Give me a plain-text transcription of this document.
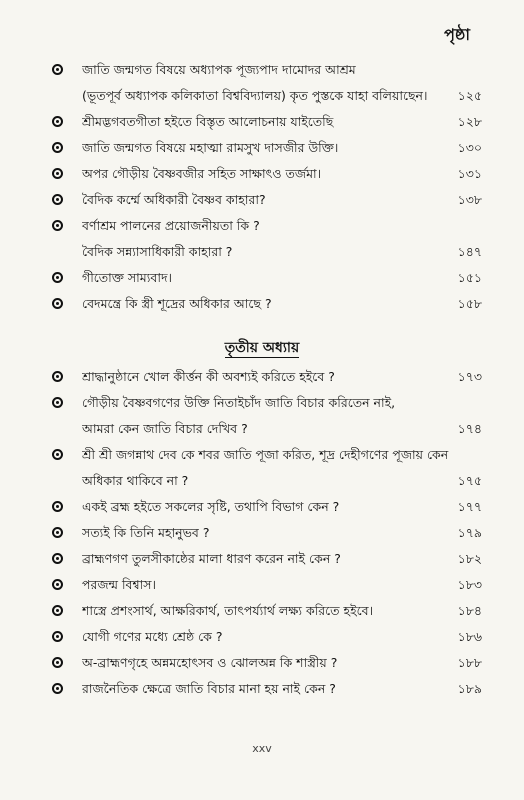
পৃষ্ঠা
জাতি জন্মগত বিষয়ে অধ্যাপক পূজ্যপাদ দামোদর আশ্রম
(ভূতপূর্ব অধ্যাপক কলিকাতা বিশ্ববিদ্যালয়) কৃত পুস্তকে যাহা বলিয়াছেন।	১২৫
শ্রীমদ্ভগবতগীতা হইতে বিস্তৃত আলোচনায় যাইতেছি	১২৮
জাতি জন্মগত বিষয়ে মহাত্মা রামসুখ দাসজীর উক্তি।	১৩০
অপর গৌড়ীয় বৈষ্ণবজীর সহিত সাক্ষাৎও তর্জমা।	১৩১
বৈদিক কর্ম্মে অধিকারী বৈষ্ণব কাহারা?	১৩৮
বর্ণাশ্রম পালনের প্রয়োজনীয়তা কি ?
বৈদিক সন্ন্যাসাধিকারী কাহারা ?	১৪৭
গীতোক্ত সাম্যবাদ।	১৫১
বেদমন্ত্রে কি স্ত্রী শূদ্রের অধিকার আছে ?	১৫৮
তৃতীয় অধ্যায়
শ্রাদ্ধানুষ্ঠানে খোল কীর্ত্তন কী অবশ্যই করিতে হইবে ?	১৭৩
গৌড়ীয় বৈষ্ণবগণের উক্তি নিতাইচাঁদ জাতি বিচার করিতেন নাই,
আমরা কেন জাতি বিচার দেখিব ?	১৭৪
শ্রী শ্রী জগন্নাথ দেব কে শবর জাতি পূজা করিত, শূদ্র দেহীগণের পূজায় কেন
অধিকার থাকিবে না ?	১৭৫
একই ব্রহ্ম হইতে সকলের সৃষ্টি, তথাপি বিভাগ কেন ?	১৭৭
সত্যই কি তিনি মহানুভব ?	১৭৯
ব্রাহ্মণগণ তুলসীকাষ্ঠের মালা ধারণ করেন নাই কেন ?	১৮২
পরজন্ম বিশ্বাস।	১৮৩
শাস্ত্রে প্রশংসার্থ, আক্ষরিকার্থ, তাৎপর্য্যার্থ লক্ষ্য করিতে হইবে।	১৮৪
যোগী গণের মধ্যে শ্রেষ্ঠ কে ?	১৮৬
অ-ব্রাহ্মণগৃহে অন্নমহোৎসব ও ঝোলঅন্ন কি শাস্ত্রীয় ?	১৮৮
রাজনৈতিক ক্ষেত্রে জাতি বিচার মানা হয় নাই কেন ?	১৮৯
xxv
